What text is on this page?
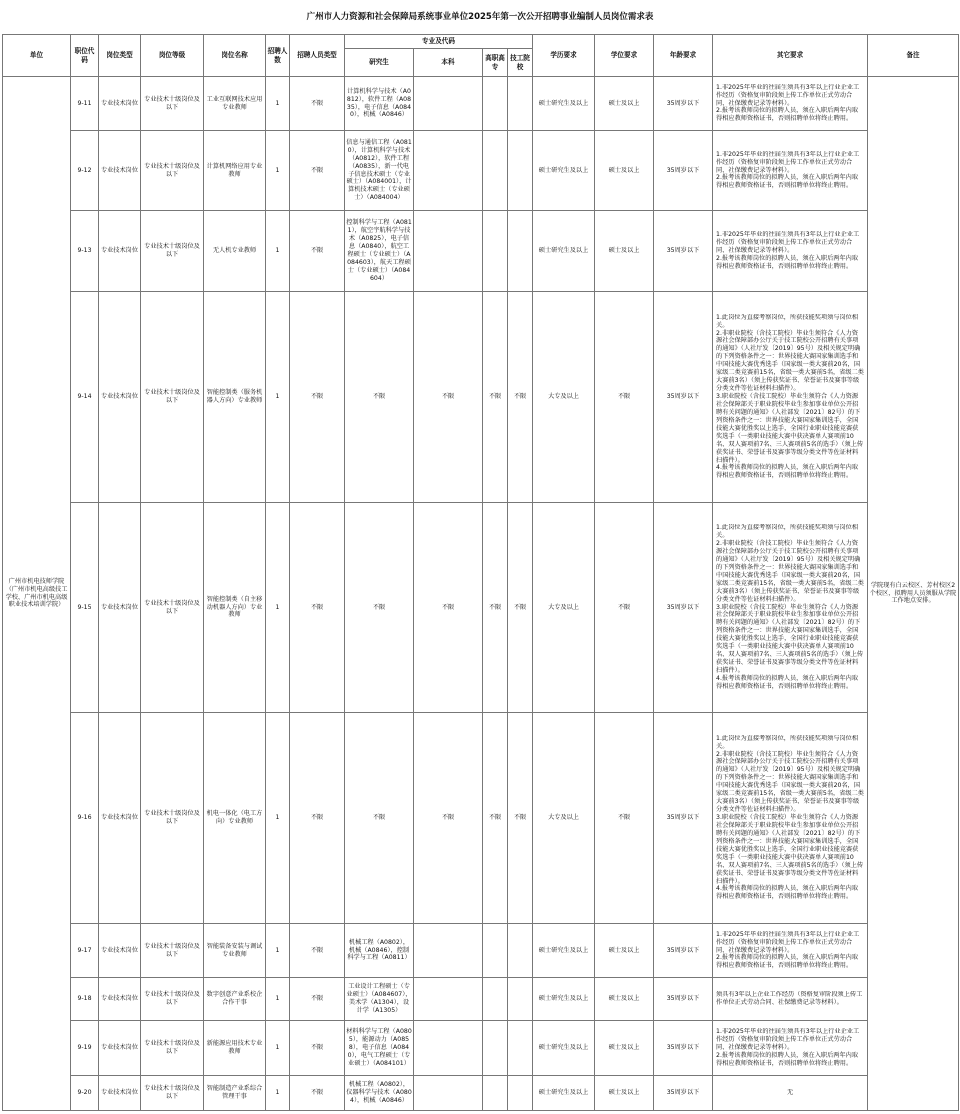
广州市人力资源和社会保障局系统事业单位2025年第一次公开招聘事业编制人员岗位需求表
单位	职位代码	岗位类型	岗位等级	岗位名称	招聘人数	招聘人员类型	专业及代码				学历要求	学位要求	年龄要求	其它要求	备注
							研究生	本科	高职高专	技工院校					
广州市机电技师学院（广州市机电高级技工学校、广州市机电高级职业技术培训学院）	9-11	专业技术岗位	专业技术十级岗位及以下	工业互联网技术应用专业教师	1	不限	计算机科学与技术（A0812），软件工程（A0835），电子信息（A0840），机械（A0846）				硕士研究生及以上	硕士及以上	35周岁以下	1.非2025年毕业的往届生须具有3年以上行业企业工作经历（资格复审阶段须上传工作单位正式劳动合同、社保缴费记录等材料）。

2.报考该教师岗位的拟聘人员，须在入职后两年内取得相应教师资格证书，否则招聘单位将终止聘用。	学院现有白云校区、芳村校区2个校区，拟聘用人员须服从学院工作地点安排。
	9-12	专业技术岗位	专业技术十级岗位及以下	计算机网络应用专业教师	1	不限	信息与通信工程（A0810），计算机科学与技术（A0812），软件工程（A0835），新一代电子信息技术硕士（专业硕士）（A084001），计算机技术硕士（专业硕士）（A084004）				硕士研究生及以上	硕士及以上	35周岁以下	1.非2025年毕业的往届生须具有3年以上行业企业工作经历（资格复审阶段须上传工作单位正式劳动合同、社保缴费记录等材料）。

2.报考该教师岗位的拟聘人员，须在入职后两年内取得相应教师资格证书，否则招聘单位将终止聘用。	

	9-13	专业技术岗位	专业技术十级岗位及以下	无人机专业教师	1	不限	控制科学与工程（A0811），航空宇航科学与技术（A0825），电子信息（A0840），航空工程硕士（专业硕士）（A084603），航天工程硕士（专业硕士）（A084604）				硕士研究生及以上	硕士及以上	35周岁以下	1.非2025年毕业的往届生须具有3年以上行业企业工作经历（资格复审阶段须上传工作单位正式劳动合同、社保缴费记录等材料）。

2.报考该教师岗位的拟聘人员，须在入职后两年内取得相应教师资格证书，否则招聘单位将终止聘用。	

	9-14	专业技术岗位	专业技术十级岗位及以下	智能控制类（服务机器人方向）专业教师	1	不限	不限	不限	不限	不限	大专及以上	不限	35周岁以下	1.此岗位为直接考察岗位，所获技能奖项须与岗位相关。

2.非职业院校（含技工院校）毕业生须符合《人力资源社会保障部办公厅关于技工院校公开招聘有关事项的通知》（人社厅发〔2019〕95号）及相关规定明确的下列资格条件之一：世界技能大赛国家集训选手和中国技能大赛优秀选手（国家级一类大赛前20名，国家级二类竞赛前15名，省级一类大赛前5名，省级二类大赛前3名）（须上传获奖证书、荣誉证书及赛事等级分类文件等佐证材料扫描件）。

3.职业院校（含技工院校）毕业生须符合《人力资源社会保障部关于职业院校毕业生参加事业单位公开招聘有关问题的通知》（人社部发〔2021〕82号）的下列资格条件之一：世界技能大赛国家集训选手，全国技能大赛优胜奖以上选手，全国行业职业技能竞赛获奖选手（一类职业技能大赛中获决赛单人赛项前10名、双人赛项前7名、三人赛项前5名的选手）（须上传获奖证书、荣誉证书及赛事等级分类文件等佐证材料扫描件）。

4.报考该教师岗位的拟聘人员，须在入职后两年内取得相应教师资格证书，否则招聘单位将终止聘用。	

	9-15	专业技术岗位	专业技术十级岗位及以下	智能控制类（自主移动机器人方向）专业教师	1	不限	不限	不限	不限	不限	大专及以上	不限	35周岁以下	1.此岗位为直接考察岗位，所获技能奖项须与岗位相关。

2.非职业院校（含技工院校）毕业生须符合《人力资源社会保障部办公厅关于技工院校公开招聘有关事项的通知》（人社厅发〔2019〕95号）及相关规定明确的下列资格条件之一：世界技能大赛国家集训选手和中国技能大赛优秀选手（国家级一类大赛前20名，国家级二类竞赛前15名，省级一类大赛前5名，省级二类大赛前3名）（须上传获奖证书、荣誉证书及赛事等级分类文件等佐证材料扫描件）。

3.职业院校（含技工院校）毕业生须符合《人力资源社会保障部关于职业院校毕业生参加事业单位公开招聘有关问题的通知》（人社部发〔2021〕82号）的下列资格条件之一：世界技能大赛国家集训选手，全国技能大赛优胜奖以上选手，全国行业职业技能竞赛获奖选手（一类职业技能大赛中获决赛单人赛项前10名、双人赛项前7名、三人赛项前5名的选手）（须上传获奖证书、荣誉证书及赛事等级分类文件等佐证材料扫描件）。

4.报考该教师岗位的拟聘人员，须在入职后两年内取得相应教师资格证书，否则招聘单位将终止聘用。	

	9-16	专业技术岗位	专业技术十级岗位及以下	机电一体化（电工方向）专业教师	1	不限	不限	不限	不限	不限	大专及以上	不限	35周岁以下	1.此岗位为直接考察岗位，所获技能奖项须与岗位相关。

2.非职业院校（含技工院校）毕业生须符合《人力资源社会保障部办公厅关于技工院校公开招聘有关事项的通知》（人社厅发〔2019〕95号）及相关规定明确的下列资格条件之一：世界技能大赛国家集训选手和中国技能大赛优秀选手（国家级一类大赛前20名，国家级二类竞赛前15名，省级一类大赛前5名，省级二类大赛前3名）（须上传获奖证书、荣誉证书及赛事等级分类文件等佐证材料扫描件）。

3.职业院校（含技工院校）毕业生须符合《人力资源社会保障部关于职业院校毕业生参加事业单位公开招聘有关问题的通知》（人社部发〔2021〕82号）的下列资格条件之一：世界技能大赛国家集训选手，全国技能大赛优胜奖以上选手，全国行业职业技能竞赛获奖选手（一类职业技能大赛中获决赛单人赛项前10名、双人赛项前7名、三人赛项前5名的选手）（须上传获奖证书、荣誉证书及赛事等级分类文件等佐证材料扫描件）。

4.报考该教师岗位的拟聘人员，须在入职后两年内取得相应教师资格证书，否则招聘单位将终止聘用。	

	9-17	专业技术岗位	专业技术十级岗位及以下	智能装备安装与调试专业教师	1	不限	机械工程（A0802），机械（A0846），控制科学与工程（A0811）				硕士研究生及以上	硕士及以上	35周岁以下	1.非2025年毕业的往届生须具有3年以上行业企业工作经历（资格复审阶段须上传工作单位正式劳动合同、社保缴费记录等材料）。

2.报考该教师岗位的拟聘人员，须在入职后两年内取得相应教师资格证书，否则招聘单位将终止聘用。	

	9-18	专业技术岗位	专业技术十级岗位及以下	数字创意产业系校企合作干事	1	不限	工业设计工程硕士（专业硕士）（A084607），美术学（A1304），设计学（A1305）				硕士研究生及以上	硕士及以上	35周岁以下	须具有3年以上企业工作经历（资格复审阶段须上传工作单位正式劳动合同、社保缴费记录等材料）。	

	9-19	专业技术岗位	专业技术十级岗位及以下	新能源应用技术专业教师	1	不限	材料科学与工程（A0805），能源动力（A0858），电子信息（A0840），电气工程硕士（专业硕士）（A084101）				硕士研究生及以上	硕士及以上	35周岁以下	1.非2025年毕业的往届生须具有3年以上行业企业工作经历（资格复审阶段须上传工作单位正式劳动合同、社保缴费记录等材料）。

2.报考该教师岗位的拟聘人员，须在入职后两年内取得相应教师资格证书，否则招聘单位将终止聘用。	

	9-20	专业技术岗位	专业技术十级岗位及以下	智能制造产业系综合管理干事	1	不限	机械工程（A0802），仪器科学与技术（A0804），机械（A0846）				硕士研究生及以上	硕士及以上	35周岁以下	无	
